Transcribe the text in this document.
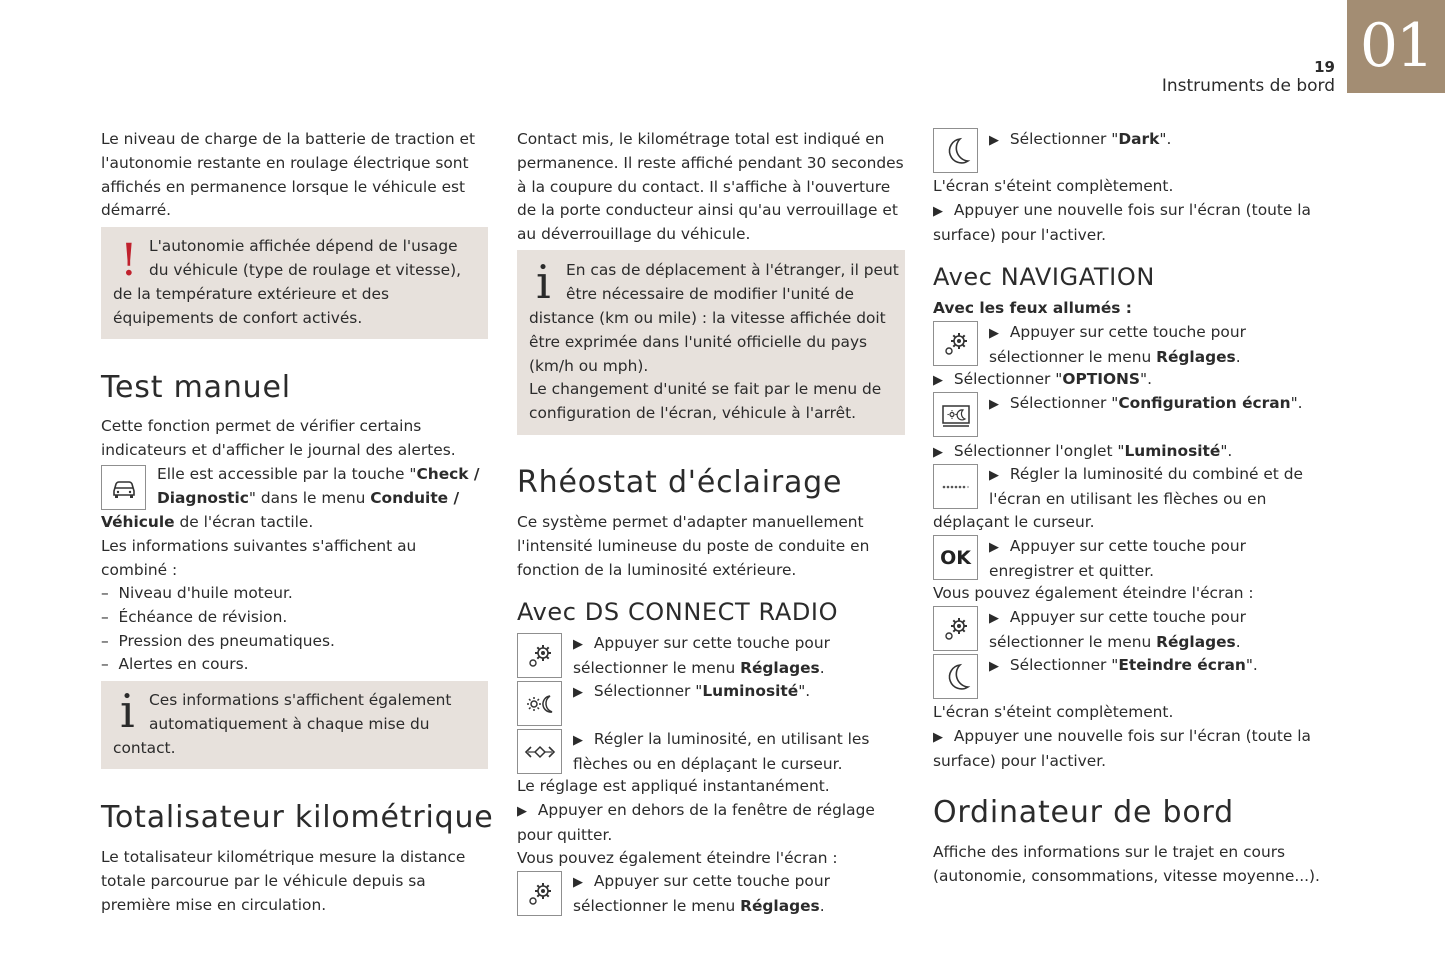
19
Instruments de bord
01
Le niveau de charge de la batterie de traction et
l'autonomie restante en roulage électrique sont
affichés en permanence lorsque le véhicule est
démarré.
! L'autonomie affichée dépend de l'usage
du véhicule (type de roulage et vitesse),
de la température extérieure et des
équipements de confort activés.
Test manuel
Cette fonction permet de vérifier certains
indicateurs et d'afficher le journal des alertes.
Elle est accessible par la touche "Check /
Diagnostic" dans le menu Conduite /
Véhicule de l'écran tactile.
Les informations suivantes s'affichent au
combiné :
–  Niveau d'huile moteur.
–  Échéance de révision.
–  Pression des pneumatiques.
–  Alertes en cours.
i Ces informations s'affichent également
automatiquement à chaque mise du
contact.
Totalisateur kilométrique
Le totalisateur kilométrique mesure la distance
totale parcourue par le véhicule depuis sa
première mise en circulation.
Contact mis, le kilométrage total est indiqué en
permanence. Il reste affiché pendant 30 secondes
à la coupure du contact. Il s'affiche à l'ouverture
de la porte conducteur ainsi qu'au verrouillage et
au déverrouillage du véhicule.
i En cas de déplacement à l'étranger, il peut
être nécessaire de modifier l'unité de
distance (km ou mile) : la vitesse affichée doit
être exprimée dans l'unité officielle du pays
(km/h ou mph).
Le changement d'unité se fait par le menu de
configuration de l'écran, véhicule à l'arrêt.
Rhéostat d'éclairage
Ce système permet d'adapter manuellement
l'intensité lumineuse du poste de conduite en
fonction de la luminosité extérieure.
Avec DS CONNECT RADIO
▶ Appuyer sur cette touche pour
sélectionner le menu Réglages.
▶ Sélectionner "Luminosité".
▶ Régler la luminosité, en utilisant les
flèches ou en déplaçant le curseur.
Le réglage est appliqué instantanément.
▶ Appuyer en dehors de la fenêtre de réglage
pour quitter.
Vous pouvez également éteindre l'écran :
▶ Appuyer sur cette touche pour
sélectionner le menu Réglages.
▶ Sélectionner "Dark".
L'écran s'éteint complètement.
▶ Appuyer une nouvelle fois sur l'écran (toute la
surface) pour l'activer.
Avec NAVIGATION
Avec les feux allumés :
▶ Appuyer sur cette touche pour
sélectionner le menu Réglages.
▶ Sélectionner "OPTIONS".
▶ Sélectionner "Configuration écran".
▶ Sélectionner l'onglet "Luminosité".
▶ Régler la luminosité du combiné et de
l'écran en utilisant les flèches ou en
déplaçant le curseur.
OK	▶ Appuyer sur cette touche pour
enregistrer et quitter.
Vous pouvez également éteindre l'écran :
▶ Appuyer sur cette touche pour
sélectionner le menu Réglages.
▶ Sélectionner "Eteindre écran".
L'écran s'éteint complètement.
▶ Appuyer une nouvelle fois sur l'écran (toute la
surface) pour l'activer.
Ordinateur de bord
Affiche des informations sur le trajet en cours
(autonomie, consommations, vitesse moyenne...).
